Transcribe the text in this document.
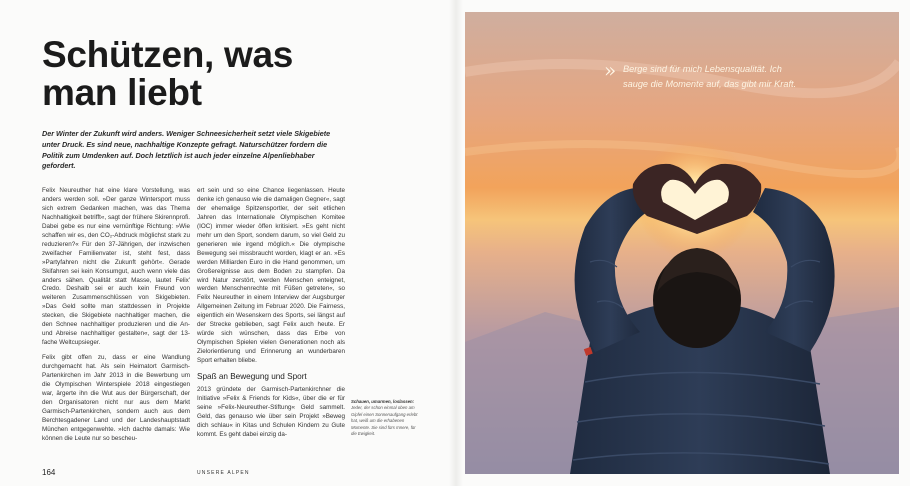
Schützen, was
man liebt

Der Winter der Zukunft wird anders. Weniger Schneesicherheit setzt viele Skigebiete unter Druck. Es sind neue, nachhaltige Konzepte gefragt. Naturschützer fordern die Politik zum Umdenken auf. Doch letztlich ist auch jeder einzelne Alpenliebhaber gefordert.

Felix Neureuther hat eine klare Vorstellung, was anders werden soll. »Der ganze Wintersport muss sich extrem Gedanken machen, was das Thema Nachhaltigkeit betrifft«, sagt der frühere Skirennprofi. Dabei gebe es nur eine vernünftige Richtung: »Wie schaffen wir es, den CO₂-Abdruck möglichst stark zu reduzieren?« Für den 37-Jährigen, der inzwischen zweifacher Familienvater ist, steht fest, dass »Partyfahren nicht die Zukunft gehört«. Gerade Skifahren sei kein Konsumgut, auch wenn viele das anders sähen. Qualität statt Masse, lautet Felix' Credo. Deshalb sei er auch kein Freund von weiteren Zusammenschlüssen von Skigebieten. »Das Geld sollte man stattdessen in Projekte stecken, die Skigebiete nachhaltiger machen, die den Schnee nachhaltiger produzieren und die An- und Abreise nachhaltiger gestalten«, sagt der 13-fache Weltcupsieger.

Felix gibt offen zu, dass er eine Wandlung durchgemacht hat. Als sein Heimatort Garmisch-Partenkirchen im Jahr 2013 in die Bewerbung um die Olympischen Winterspiele 2018 eingestiegen war, ärgerte ihn die Wut aus der Bürgerschaft, der den Organisatoren nicht nur aus dem Markt Garmisch-Partenkirchen, sondern auch aus dem Berchtesgadener Land und der Landeshauptstadt München entgegenwehte. »Ich dachte damals: Wie können die Leute nur so bescheu-

ert sein und so eine Chance liegenlassen. Heute denke ich genauso wie die damaligen Gegner«, sagt der ehemalige Spitzensportler, der seit etlichen Jahren das Internationale Olympischen Komitee (IOC) immer wieder öffen kritisiert. »Es geht nicht mehr um den Sport, sondern darum, so viel Geld zu generieren wie irgend möglich.« Die olympische Bewegung sei missbraucht worden, klagt er an. »Es werden Milliarden Euro in die Hand genommen, um Großereignisse aus dem Boden zu stampfen. Da wird Natur zerstört, werden Menschen enteignet, werden Menschenrechte mit Füßen getreten«, so Felix Neureuther in einem Interview der Augsburger Allgemeinen Zeitung im Februar 2020. Die Fairness, eigentlich ein Wesenskern des Sports, sei längst auf der Strecke geblieben, sagt Felix auch heute. Er würde sich wünschen, dass das Erbe von Olympischen Spielen vielen Generationen noch als Zielorientierung und Erinnerung an wunderbaren Sport erhalten bliebe.

Spaß an Bewegung und Sport

2013 gründete der Garmisch-Partenkirchner die Initiative »Felix & Friends for Kids«, über die er für seine »Felix-Neureuther-Stiftung« Geld sammelt. Geld, das genauso wie über sein Projekt »Beweg dich schlau« in Kitas und Schulen Kindern zu Gute kommt. Es geht dabei einzig da-

Schauen, umarmen, loslassen: Jeder, der schon einmal oben am Gipfel einen Sonnenaufgang erlebt hat, weiß um die erhabenen Momente. Sie sind fürs Innere, für die Ewigkeit.
164	UNSERE ALPEN
» Berge sind für mich Lebensqualität. Ich sauge die Momente auf, das gibt mir Kraft.
